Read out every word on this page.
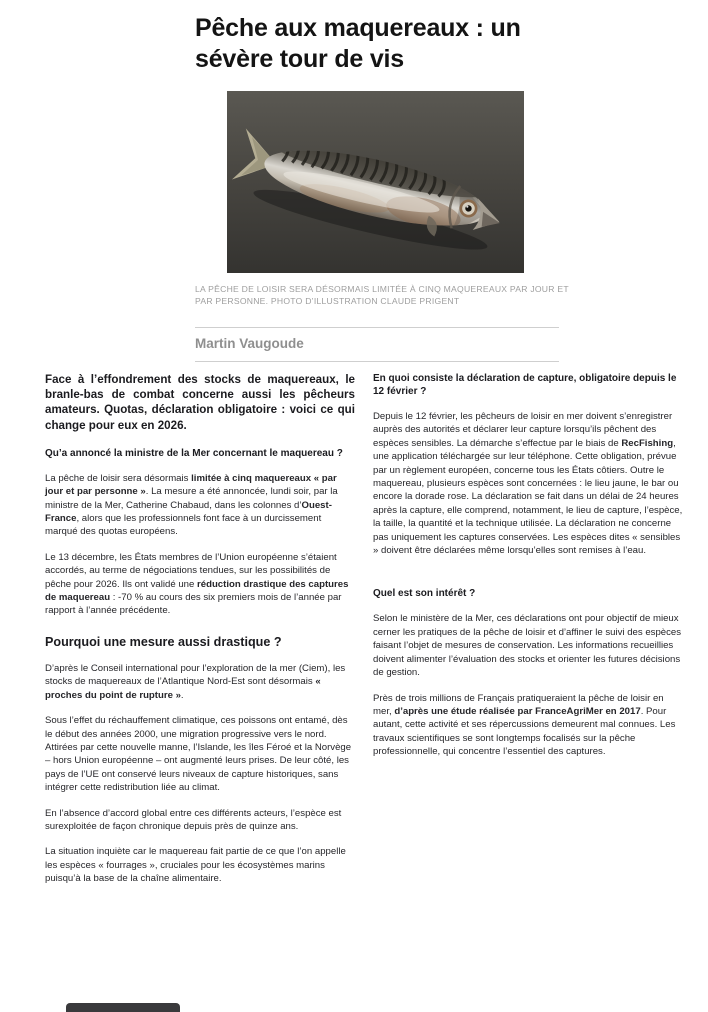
Pêche aux maquereaux : un sévère tour de vis

LA PÊCHE DE LOISIR SERA DÉSORMAIS LIMITÉE À CINQ MAQUEREAUX PAR JOUR ET PAR PERSONNE. PHOTO D’ILLUSTRATION CLAUDE PRIGENT

Martin Vaugoude
Face à l’effondrement des stocks de maquereaux, le branle-bas de combat concerne aussi les pêcheurs amateurs. Quotas, déclaration obligatoire : voici ce qui change pour eux en 2026.
Qu’a annoncé la ministre de la Mer concernant le maquereau ?
La pêche de loisir sera désormais limitée à cinq maquereaux « par jour et par personne ». La mesure a été annoncée, lundi soir, par la ministre de la Mer, Catherine Chabaud, dans les colonnes d’Ouest-France, alors que les professionnels font face à un durcissement marqué des quotas européens.
Le 13 décembre, les États membres de l’Union européenne s’étaient accordés, au terme de négociations tendues, sur les possibilités de pêche pour 2026. Ils ont validé une réduction drastique des captures de maquereau : -70 % au cours des six premiers mois de l’année par rapport à l’année précédente.
Pourquoi une mesure aussi drastique ?
D’après le Conseil international pour l’exploration de la mer (Ciem), les stocks de maquereaux de l’Atlantique Nord-Est sont désormais « proches du point de rupture ».
Sous l’effet du réchauffement climatique, ces poissons ont entamé, dès le début des années 2000, une migration progressive vers le nord. Attirées par cette nouvelle manne, l’Islande, les îles Féroé et la Norvège – hors Union européenne – ont augmenté leurs prises. De leur côté, les pays de l’UE ont conservé leurs niveaux de capture historiques, sans intégrer cette redistribution liée au climat.
En l’absence d’accord global entre ces différents acteurs, l’espèce est surexploitée de façon chronique depuis près de quinze ans.
La situation inquiète car le maquereau fait partie de ce que l’on appelle les espèces « fourrages », cruciales pour les écosystèmes marins puisqu’à la base de la chaîne alimentaire.
En quoi consiste la déclaration de capture, obligatoire depuis le 12 février ?
Depuis le 12 février, les pêcheurs de loisir en mer doivent s’enregistrer auprès des autorités et déclarer leur capture lorsqu’ils pêchent des espèces sensibles. La démarche s’effectue par le biais de RecFishing, une application téléchargée sur leur téléphone. Cette obligation, prévue par un règlement européen, concerne tous les États côtiers. Outre le maquereau, plusieurs espèces sont concernées : le lieu jaune, le bar ou encore la dorade rose. La déclaration se fait dans un délai de 24 heures après la capture, elle comprend, notamment, le lieu de capture, l’espèce, la taille, la quantité et la technique utilisée. La déclaration ne concerne pas uniquement les captures conservées. Les espèces dites « sensibles » doivent être déclarées même lorsqu’elles sont remises à l’eau.
Quel est son intérêt ?
Selon le ministère de la Mer, ces déclarations ont pour objectif de mieux cerner les pratiques de la pêche de loisir et d’affiner le suivi des espèces faisant l’objet de mesures de conservation. Les informations recueillies doivent alimenter l’évaluation des stocks et orienter les futures décisions de gestion.
Près de trois millions de Français pratiqueraient la pêche de loisir en mer, d’après une étude réalisée par FranceAgriMer en 2017. Pour autant, cette activité et ses répercussions demeurent mal connues. Les travaux scientifiques se sont longtemps focalisés sur la pêche professionnelle, qui concentre l’essentiel des captures.
